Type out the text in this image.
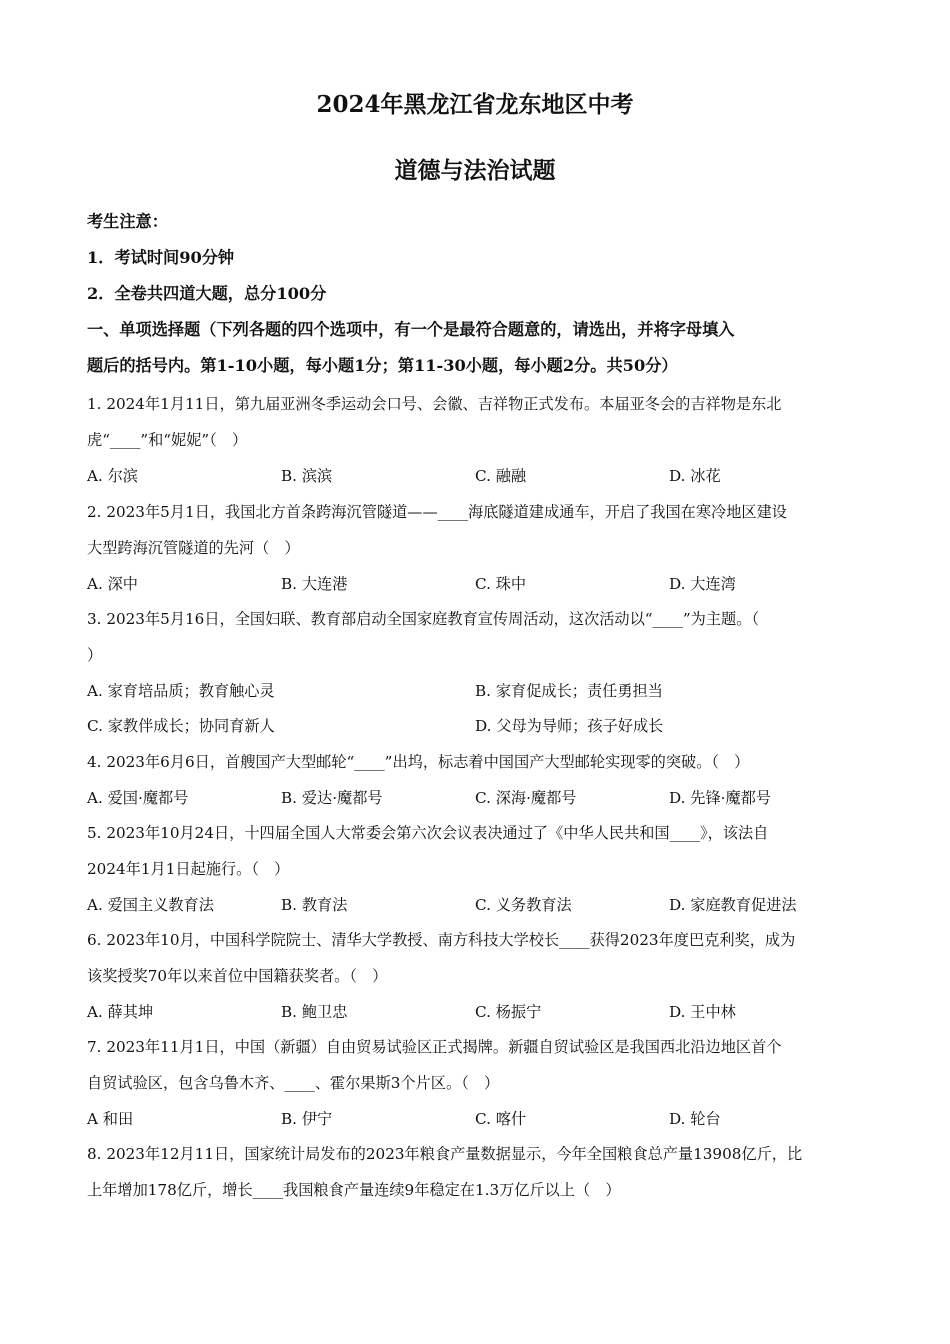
2024年黑龙江省龙东地区中考
道德与法治试题
考生注意：
1．考试时间90分钟
2．全卷共四道大题，总分100分
一、单项选择题（下列各题的四个选项中，有一个是最符合题意的，请选出，并将字母填入
题后的括号内。第1-10小题，每小题1分；第11-30小题，每小题2分。共50分）
1. 2024年1月11日，第九届亚洲冬季运动会口号、会徽、吉祥物正式发布。本届亚冬会的吉祥物是东北
虎“____”和“妮妮”（　）
A. 尔滨	B. 滨滨	C. 融融	D. 冰花
2. 2023年5月1日，我国北方首条跨海沉管隧道——____海底隧道建成通车，开启了我国在寒冷地区建设
大型跨海沉管隧道的先河（　）
A. 深中	B. 大连港	C. 珠中	D. 大连湾
3. 2023年5月16日，全国妇联、教育部启动全国家庭教育宣传周活动，这次活动以“____”为主题。（
）
A. 家育培品质；教育触心灵	B. 家育促成长；责任勇担当
C. 家教伴成长；协同育新人	D. 父母为导师；孩子好成长
4. 2023年6月6日，首艘国产大型邮轮“____”出坞，标志着中国国产大型邮轮实现零的突破。（　）
A. 爱国·魔都号	B. 爱达·魔都号	C. 深海·魔都号	D. 先锋·魔都号
5. 2023年10月24日，十四届全国人大常委会第六次会议表决通过了《中华人民共和国____》，该法自
2024年1月1日起施行。（　）
A. 爱国主义教育法	B. 教育法	C. 义务教育法	D. 家庭教育促进法
6. 2023年10月，中国科学院院士、清华大学教授、南方科技大学校长____获得2023年度巴克利奖，成为
该奖授奖70年以来首位中国籍获奖者。（　）
A. 薛其坤	B. 鲍卫忠	C. 杨振宁	D. 王中林
7. 2023年11月1日，中国（新疆）自由贸易试验区正式揭牌。新疆自贸试验区是我国西北沿边地区首个
自贸试验区，包含乌鲁木齐、____、霍尔果斯3个片区。（　）
A 和田	B. 伊宁	C. 喀什	D. 轮台
8. 2023年12月11日，国家统计局发布的2023年粮食产量数据显示，今年全国粮食总产量13908亿斤，比
上年增加178亿斤，增长____我国粮食产量连续9年稳定在1.3万亿斤以上（　）
